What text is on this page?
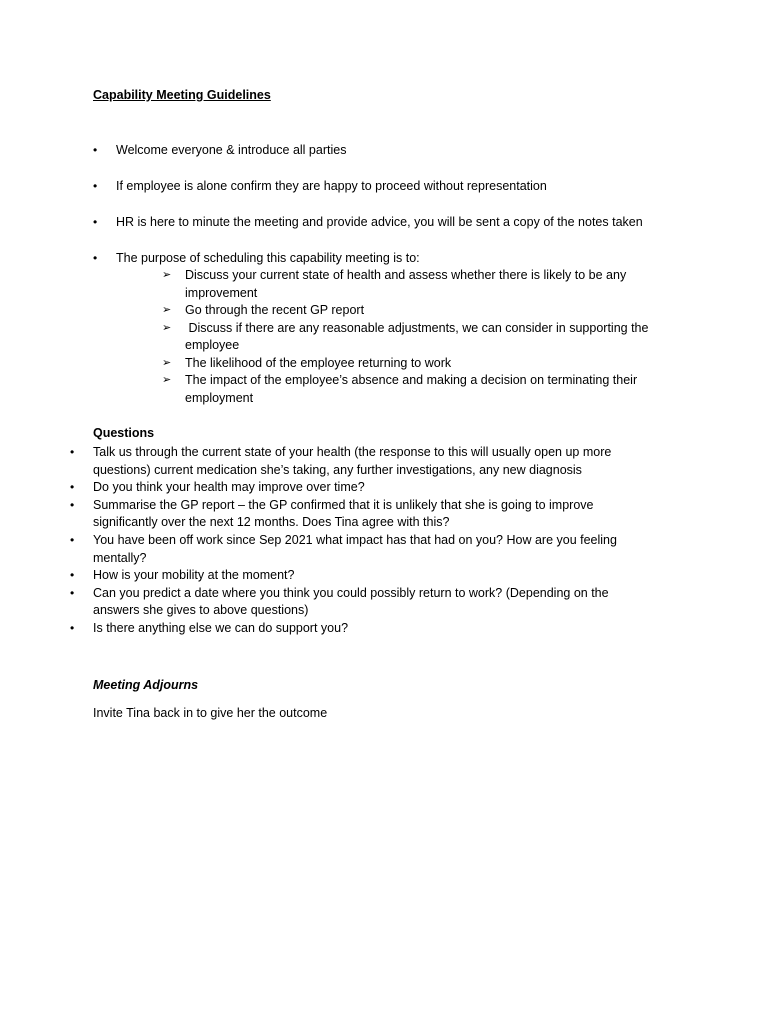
Capability Meeting Guidelines
• Welcome everyone & introduce all parties
• If employee is alone confirm they are happy to proceed without representation
• HR is here to minute the meeting and provide advice, you will be sent a copy of the notes taken
• The purpose of scheduling this capability meeting is to:
➢ Discuss your current state of health and assess whether there is likely to be any improvement
➢ Go through the recent GP report
➢ Discuss if there are any reasonable adjustments, we can consider in supporting the employee
➢ The likelihood of the employee returning to work
➢ The impact of the employee’s absence and making a decision on terminating their employment
Questions
• Talk us through the current state of your health (the response to this will usually open up more questions) current medication she’s taking, any further investigations, any new diagnosis
• Do you think your health may improve over time?
• Summarise the GP report – the GP confirmed that it is unlikely that she is going to improve significantly over the next 12 months. Does Tina agree with this?
• You have been off work since Sep 2021 what impact has that had on you? How are you feeling mentally?
• How is your mobility at the moment?
• Can you predict a date where you think you could possibly return to work? (Depending on the answers she gives to above questions)
• Is there anything else we can do support you?
Meeting Adjourns
Invite Tina back in to give her the outcome
